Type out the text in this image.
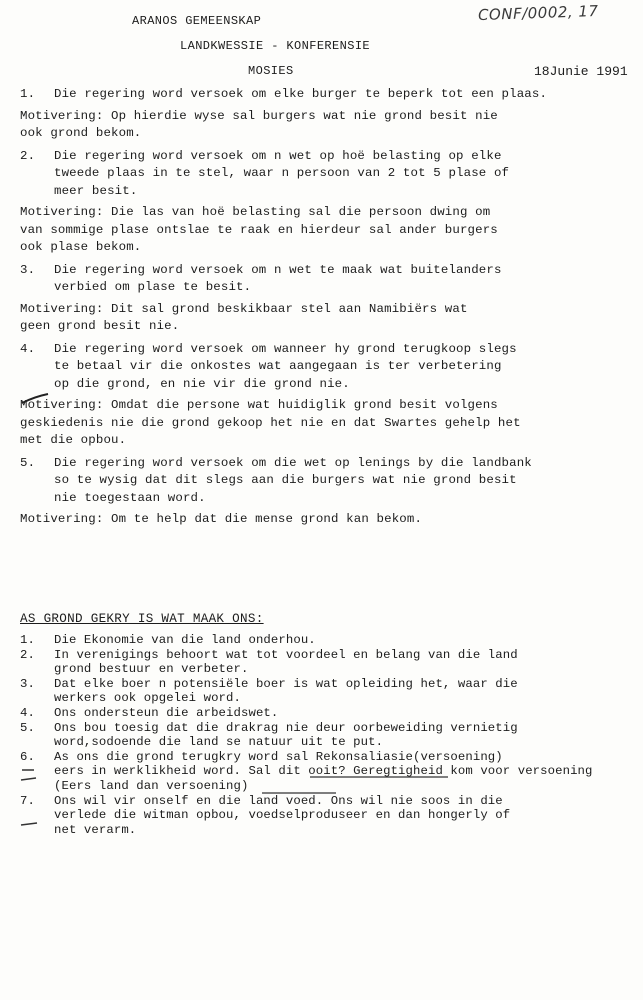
CONF/0002, 17
ARANOS GEMEENSKAP
LANDKWESSIE - KONFERENSIE
MOSIES	18Junie 1991
1. Die regering word versoek om elke burger te beperk tot een plaas.
Motivering: Op hierdie wyse sal burgers wat nie grond besit nie
ook grond bekom.
2. Die regering word versoek om n wet op hoë belasting op elke
tweede plaas in te stel, waar n persoon van 2 tot 5 plase of
meer besit.
Motivering: Die las van hoë belasting sal die persoon dwing om
van sommige plase ontslae te raak en hierdeur sal ander burgers
ook plase bekom.
3. Die regering word versoek om n wet te maak wat buitelanders
verbied om plase te besit.
Motivering: Dit sal grond beskikbaar stel aan Namibiërs wat
geen grond besit nie.
4. Die regering word versoek om wanneer hy grond terugkoop slegs
te betaal vir die onkostes wat aangegaan is ter verbetering
op die grond, en nie vir die grond nie.
Motivering: Omdat die persone wat huidiglik grond besit volgens
geskiedenis nie die grond gekoop het nie en dat Swartes gehelp het
met die opbou.
5. Die regering word versoek om die wet op lenings by die landbank
so te wysig dat dit slegs aan die burgers wat nie grond besit
nie toegestaan word.
Motivering: Om te help dat die mense grond kan bekom.
AS GROND GEKRY IS WAT MAAK ONS:
1.	Die Ekonomie van die land onderhou.
2.	In verenigings behoort wat tot voordeel en belang van die land
grond bestuur en verbeter.
3.	Dat elke boer n potensiële boer is wat opleiding het, waar die
werkers ook opgelei word.
4.	Ons ondersteun die arbeidswet.
5.	Ons bou toesig dat die drakrag nie deur oorbeweiding vernietig
word,sodoende die land se natuur uit te put.
6.	As ons die grond terugkry word sal Rekonsaliasie(versoening)
eers in werklikheid word. Sal dit ooit? Geregtigheid kom voor versoening
(Eers land dan versoening)
7.	Ons wil vir onself en die land voed. Ons wil nie soos in die
verlede die witman opbou, voedselproduseer en dan hongerly of
net verarm.
